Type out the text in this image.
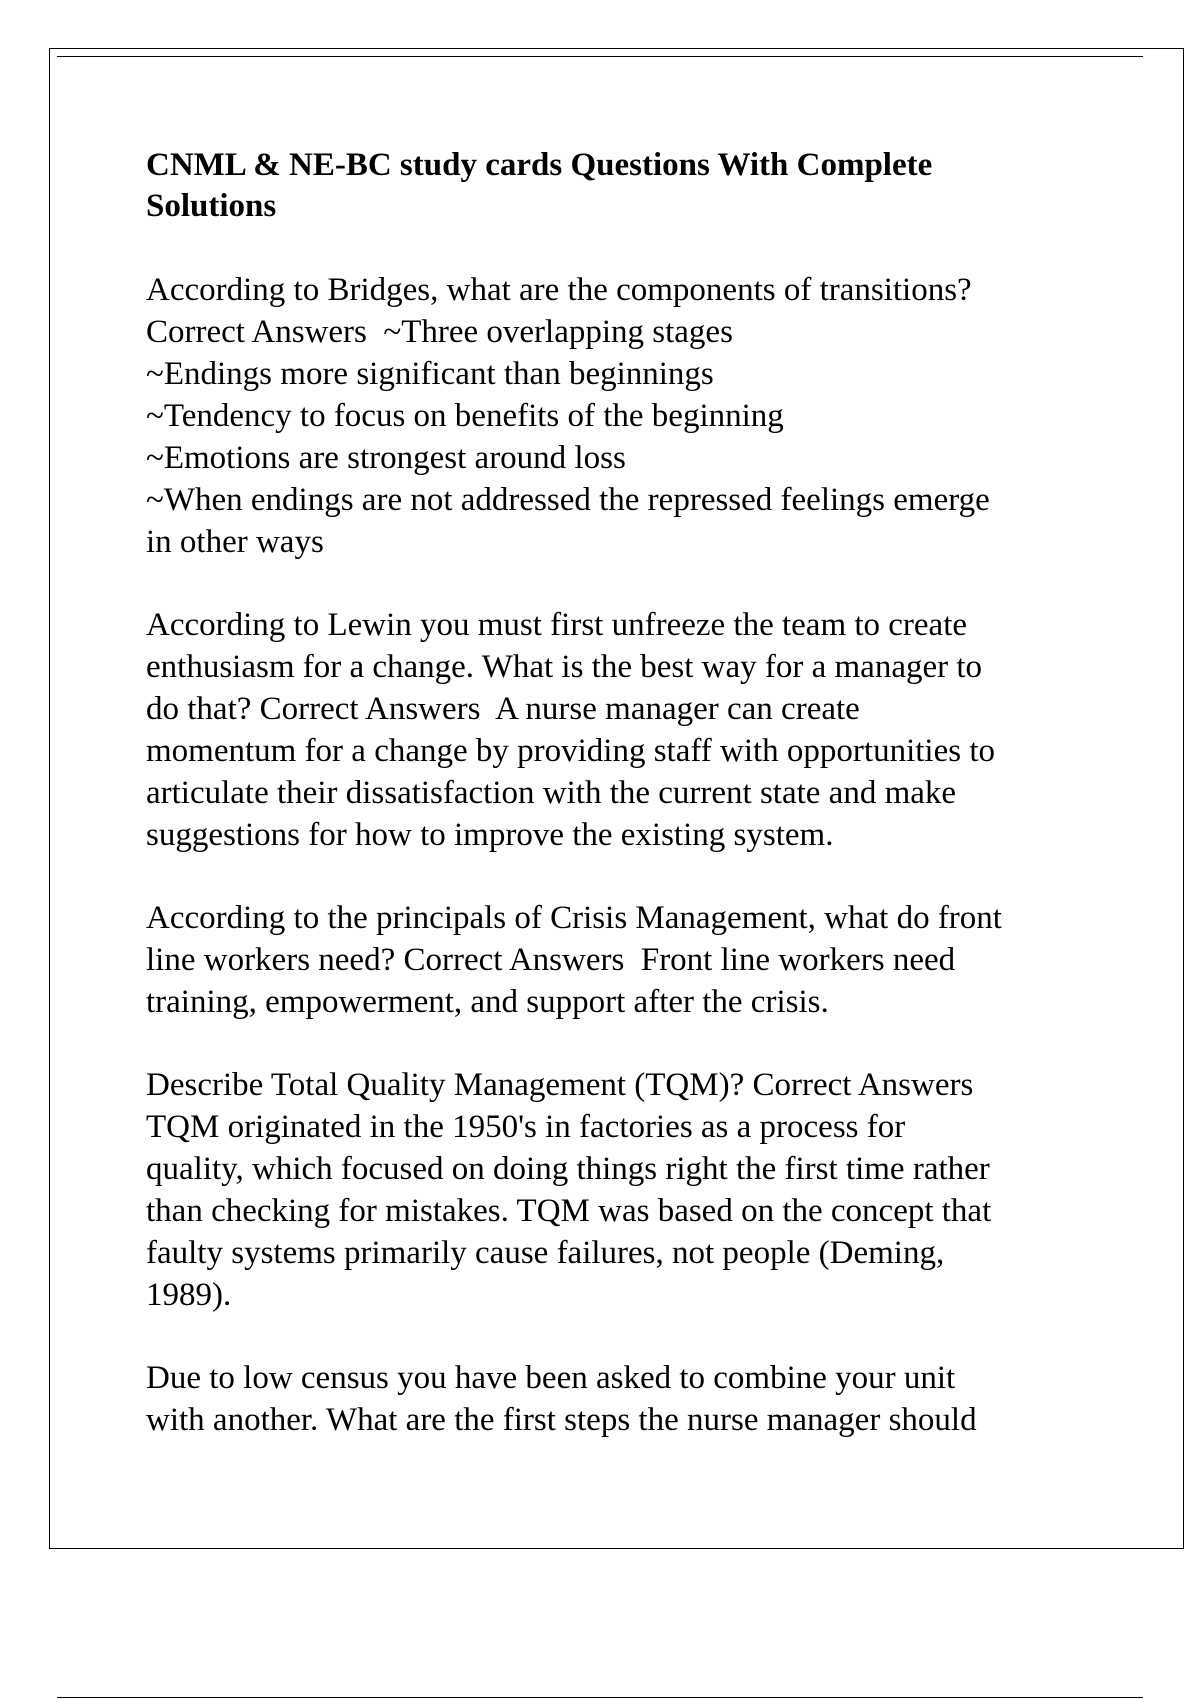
CNML & NE-BC study cards Questions With Complete
Solutions
According to Bridges, what are the components of transitions?
Correct Answers  ~Three overlapping stages
~Endings more significant than beginnings
~Tendency to focus on benefits of the beginning
~Emotions are strongest around loss
~When endings are not addressed the repressed feelings emerge
in other ways
According to Lewin you must first unfreeze the team to create
enthusiasm for a change. What is the best way for a manager to
do that? Correct Answers  A nurse manager can create
momentum for a change by providing staff with opportunities to
articulate their dissatisfaction with the current state and make
suggestions for how to improve the existing system.
According to the principals of Crisis Management, what do front
line workers need? Correct Answers  Front line workers need
training, empowerment, and support after the crisis.
Describe Total Quality Management (TQM)? Correct Answers
TQM originated in the 1950's in factories as a process for
quality, which focused on doing things right the first time rather
than checking for mistakes. TQM was based on the concept that
faulty systems primarily cause failures, not people (Deming,
1989).
Due to low census you have been asked to combine your unit
with another. What are the first steps the nurse manager should
